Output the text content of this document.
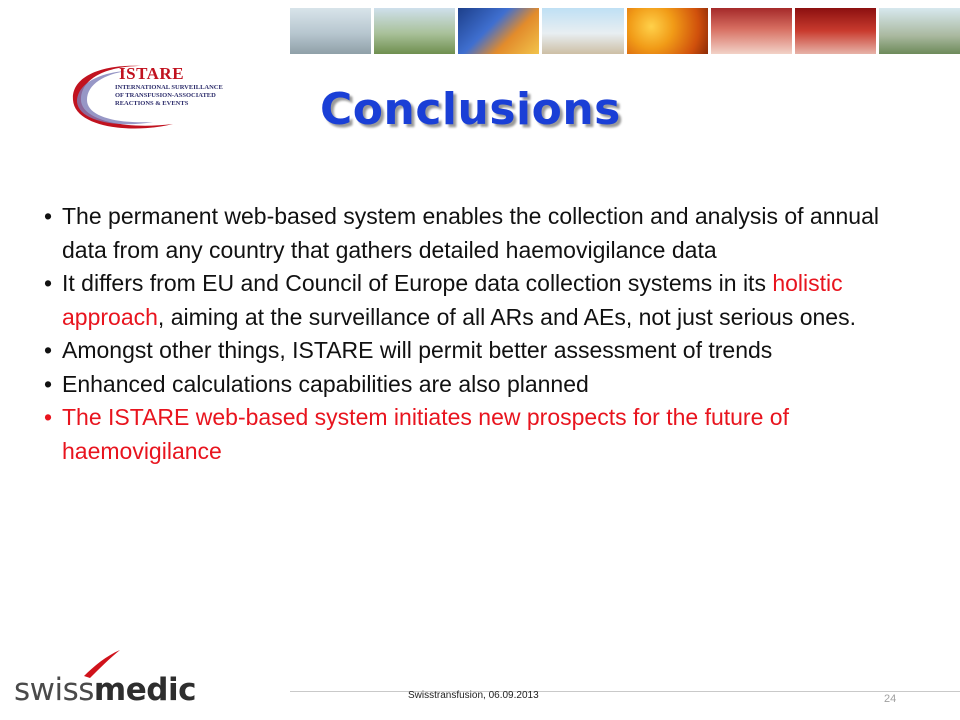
ISTARE
INTERNATIONAL SURVEILLANCE
OF TRANSFUSION-ASSOCIATED
REACTIONS & EVENTS	Conclusions
• The permanent web-based system enables the collection and analysis of annual data from any country that gathers detailed haemovigilance data
• It differs from EU and Council of Europe data collection systems in its holistic approach, aiming at the surveillance of all ARs and AEs, not just serious ones.
• Amongst other things, ISTARE will permit better assessment of trends
• Enhanced calculations capabilities are also planned
• The ISTARE web-based system initiates new prospects for the future of haemovigilance
swissmedic	Swisstransfusion, 06.09.2013	24
